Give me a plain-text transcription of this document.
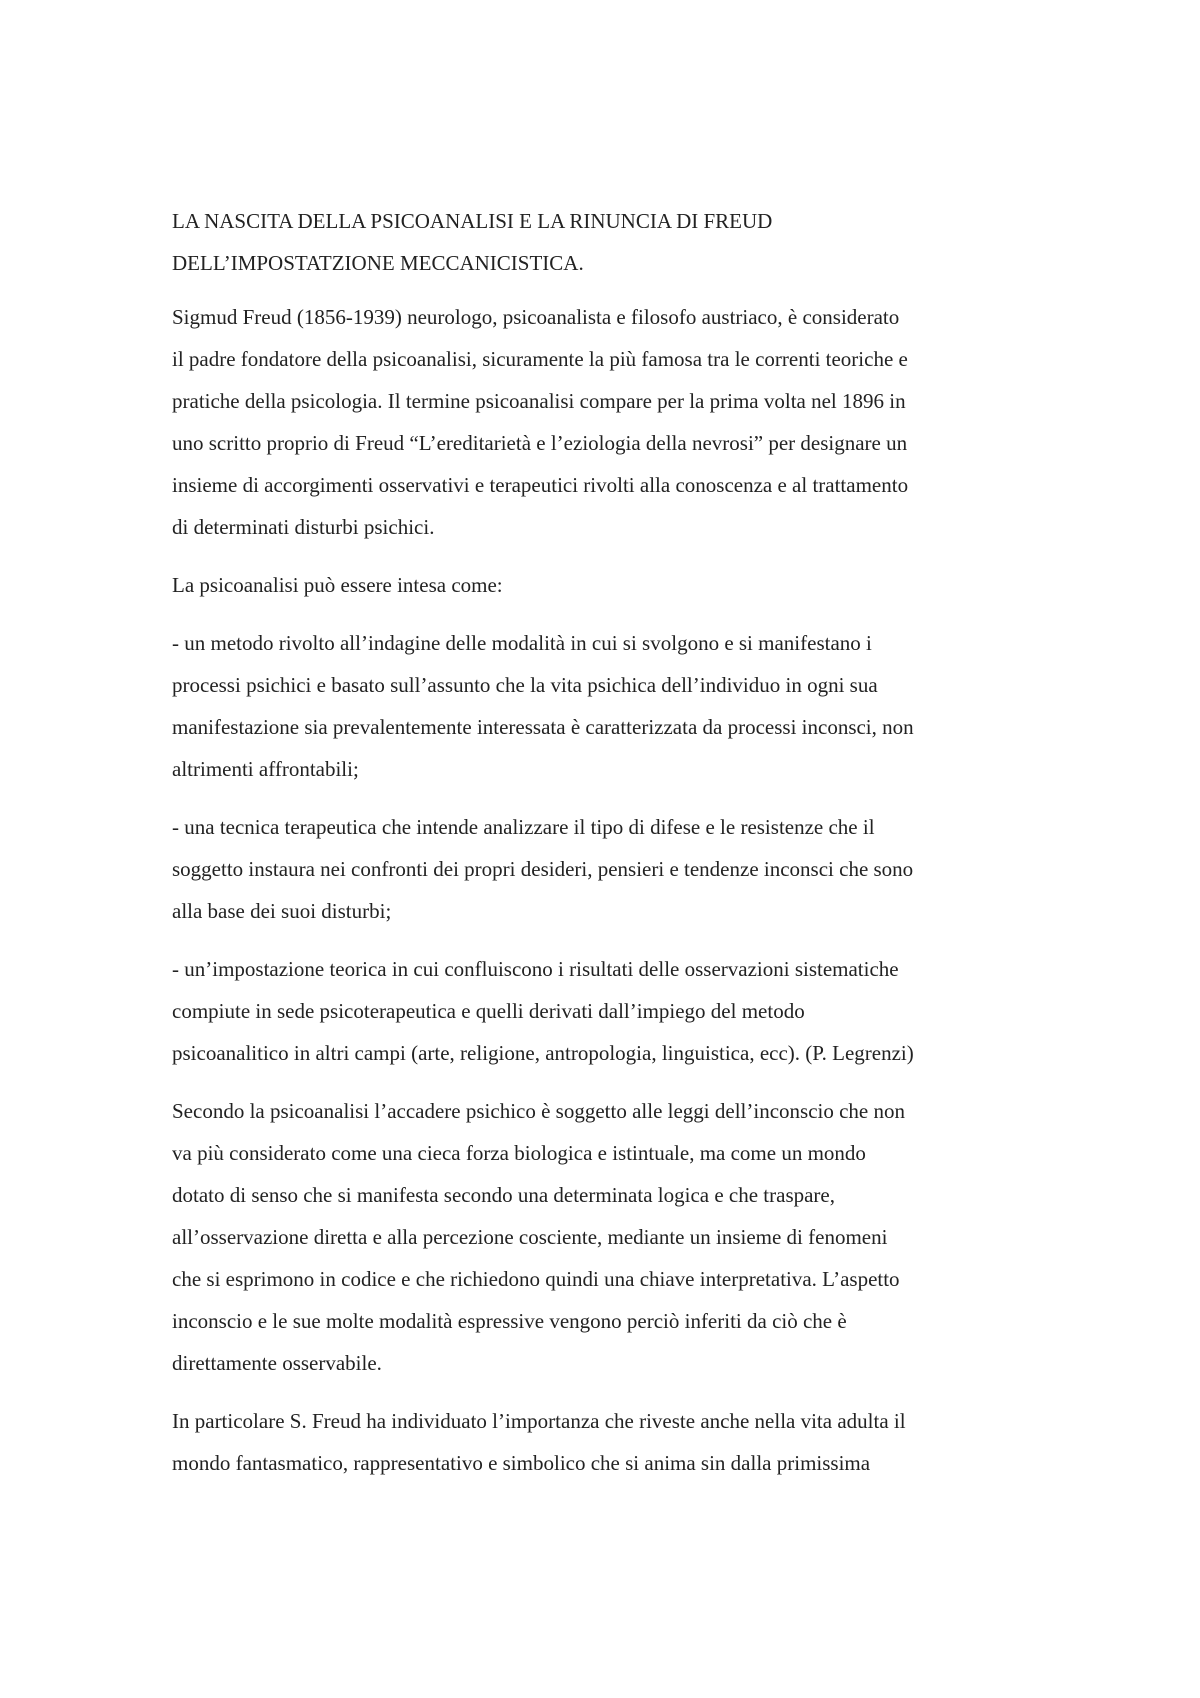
LA NASCITA DELLA PSICOANALISI E LA RINUNCIA DI FREUD

DELL’IMPOSTATZIONE MECCANICISTICA.

Sigmud Freud (1856-1939) neurologo, psicoanalista e filosofo austriaco, è considerato
il padre fondatore della psicoanalisi, sicuramente la più famosa tra le correnti teoriche e
pratiche della psicologia. Il termine psicoanalisi compare per la prima volta nel 1896 in
uno scritto proprio di Freud “L’ereditarietà e l’eziologia della nevrosi” per designare un
insieme di accorgimenti osservativi e terapeutici rivolti alla conoscenza e al trattamento
di determinati disturbi psichici.
La psicoanalisi può essere intesa come:
- un metodo rivolto all’indagine delle modalità in cui si svolgono e si manifestano i
processi psichici e basato sull’assunto che la vita psichica dell’individuo in ogni sua
manifestazione sia prevalentemente interessata è caratterizzata da processi inconsci, non
altrimenti affrontabili;
- una tecnica terapeutica che intende analizzare il tipo di difese e le resistenze che il
soggetto instaura nei confronti dei propri desideri, pensieri e tendenze inconsci che sono
alla base dei suoi disturbi;
- un’impostazione teorica in cui confluiscono i risultati delle osservazioni sistematiche
compiute in sede psicoterapeutica e quelli derivati dall’impiego del metodo
psicoanalitico in altri campi (arte, religione, antropologia, linguistica, ecc). (P. Legrenzi)
Secondo la psicoanalisi l’accadere psichico è soggetto alle leggi dell’inconscio che non
va più considerato come una cieca forza biologica e istintuale, ma come un mondo
dotato di senso che si manifesta secondo una determinata logica e che traspare,
all’osservazione diretta e alla percezione cosciente, mediante un insieme di fenomeni
che si esprimono in codice e che richiedono quindi una chiave interpretativa. L’aspetto
inconscio e le sue molte modalità espressive vengono perciò inferiti da ciò che è
direttamente osservabile.
In particolare S. Freud ha individuato l’importanza che riveste anche nella vita adulta il
mondo fantasmatico, rappresentativo e simbolico che si anima sin dalla primissima
